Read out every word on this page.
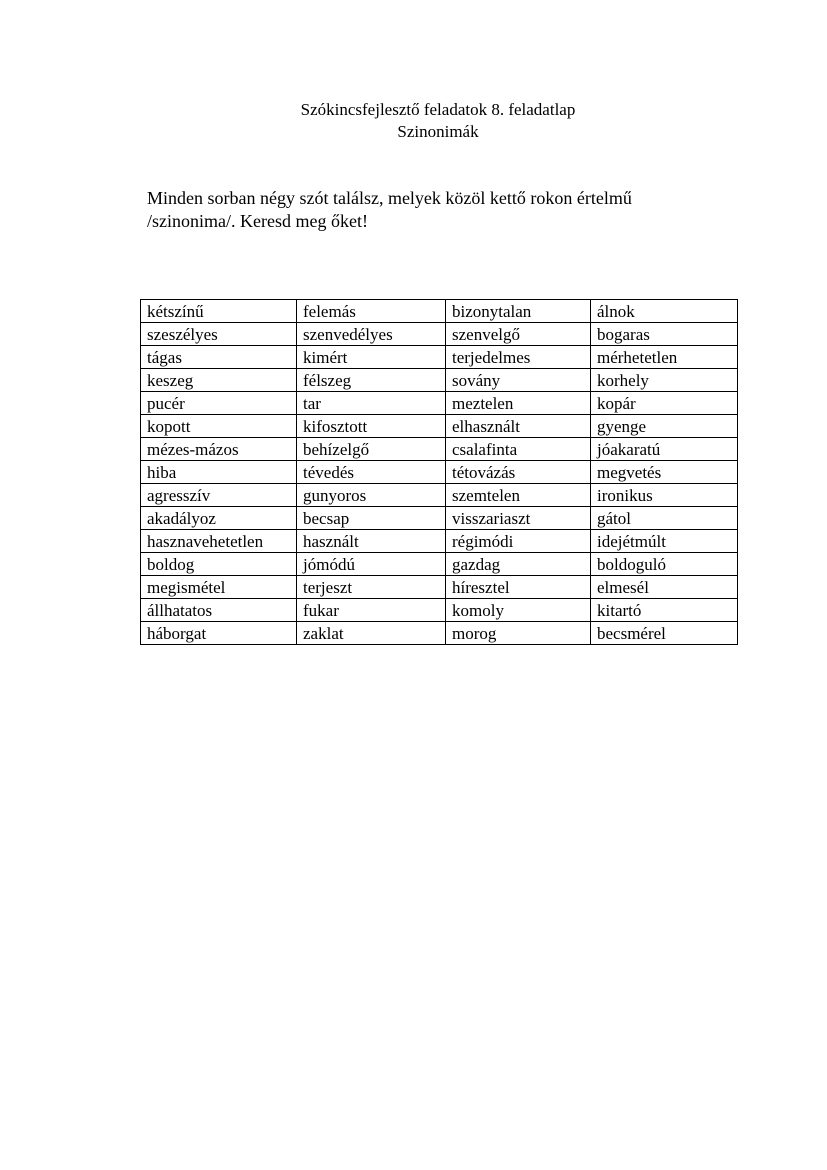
Szókincsfejlesztő feladatok 8. feladatlap
Szinonimák
Minden sorban négy szót találsz, melyek közöl kettő rokon értelmű
/szinonima/. Keresd meg őket!
kétszínű	felemás	bizonytalan	álnok
szeszélyes	szenvedélyes	szenvelgő	bogaras
tágas	kimért	terjedelmes	mérhetetlen
keszeg	félszeg	sovány	korhely
pucér	tar	meztelen	kopár
kopott	kifosztott	elhasznált	gyenge
mézes-mázos	behízelgő	csalafinta	jóakaratú
hiba	tévedés	tétovázás	megvetés
agresszív	gunyoros	szemtelen	ironikus
akadályoz	becsap	visszariaszt	gátol
hasznavehetetlen	használt	régimódi	idejétmúlt
boldog	jómódú	gazdag	boldoguló
megismétel	terjeszt	híresztel	elmesél
állhatatos	fukar	komoly	kitartó
háborgat	zaklat	morog	becsmérel
